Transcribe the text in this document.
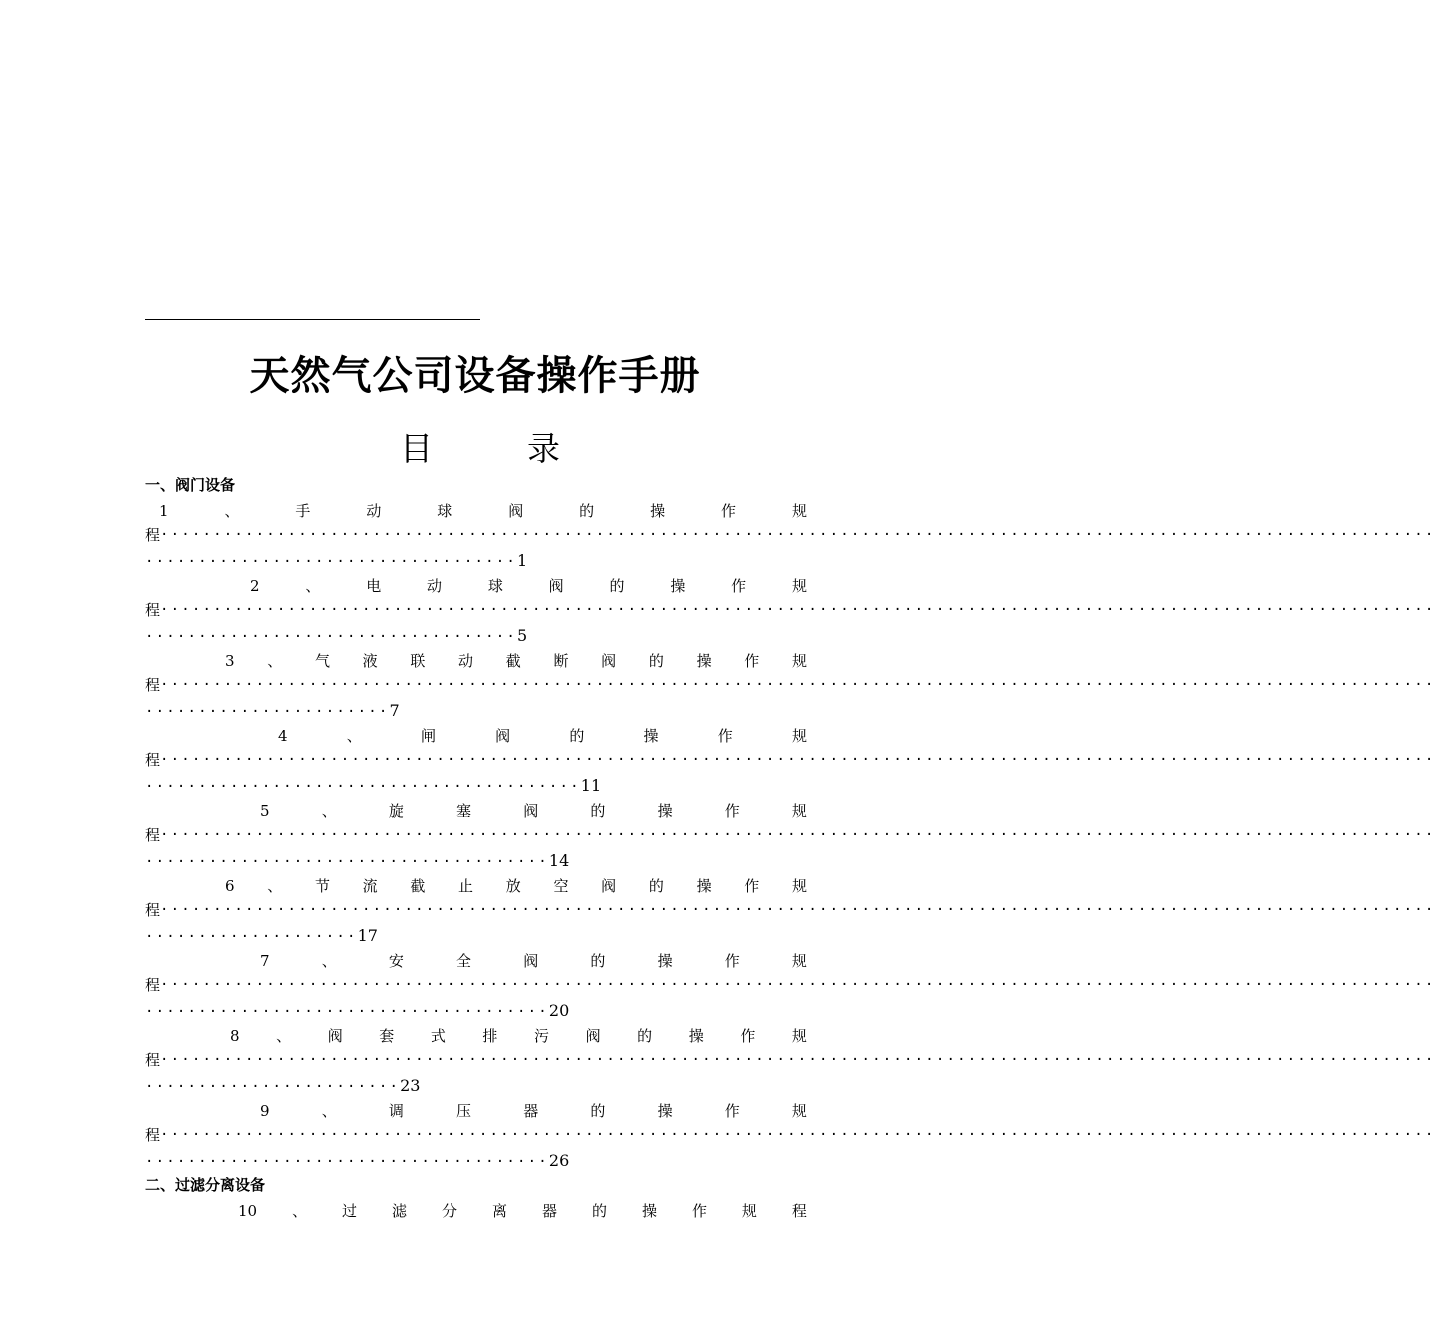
天然气公司设备操作手册
目	录
一、阀门设备
1	、	手	动	球	阀	的	操	作	规
程 ························································································································
···································1
2	、	电	动	球	阀	的	操	作	规
程 ························································································································
···································5
3 、 气 液 联 动 截 断 阀 的 操 作 规
程 ························································································································
·······················7
4	、	闸	阀	的	操	作	规
程 ························································································································
·········································11
5	、	旋	塞	阀	的	操	作	规
程 ························································································································
······································14
6 、 节 流 截 止 放 空 阀 的 操 作 规
程 ························································································································
····················17
7	、	安	全	阀	的	操	作	规
程 ························································································································
······································20
8 、 阀 套 式 排 污 阀 的 操 作 规
程 ························································································································
························23
9	、	调	压	器	的	操	作	规
程 ························································································································
······································26
二、过滤分离设备
10 、 过 滤 分 离 器 的 操 作 规 程
